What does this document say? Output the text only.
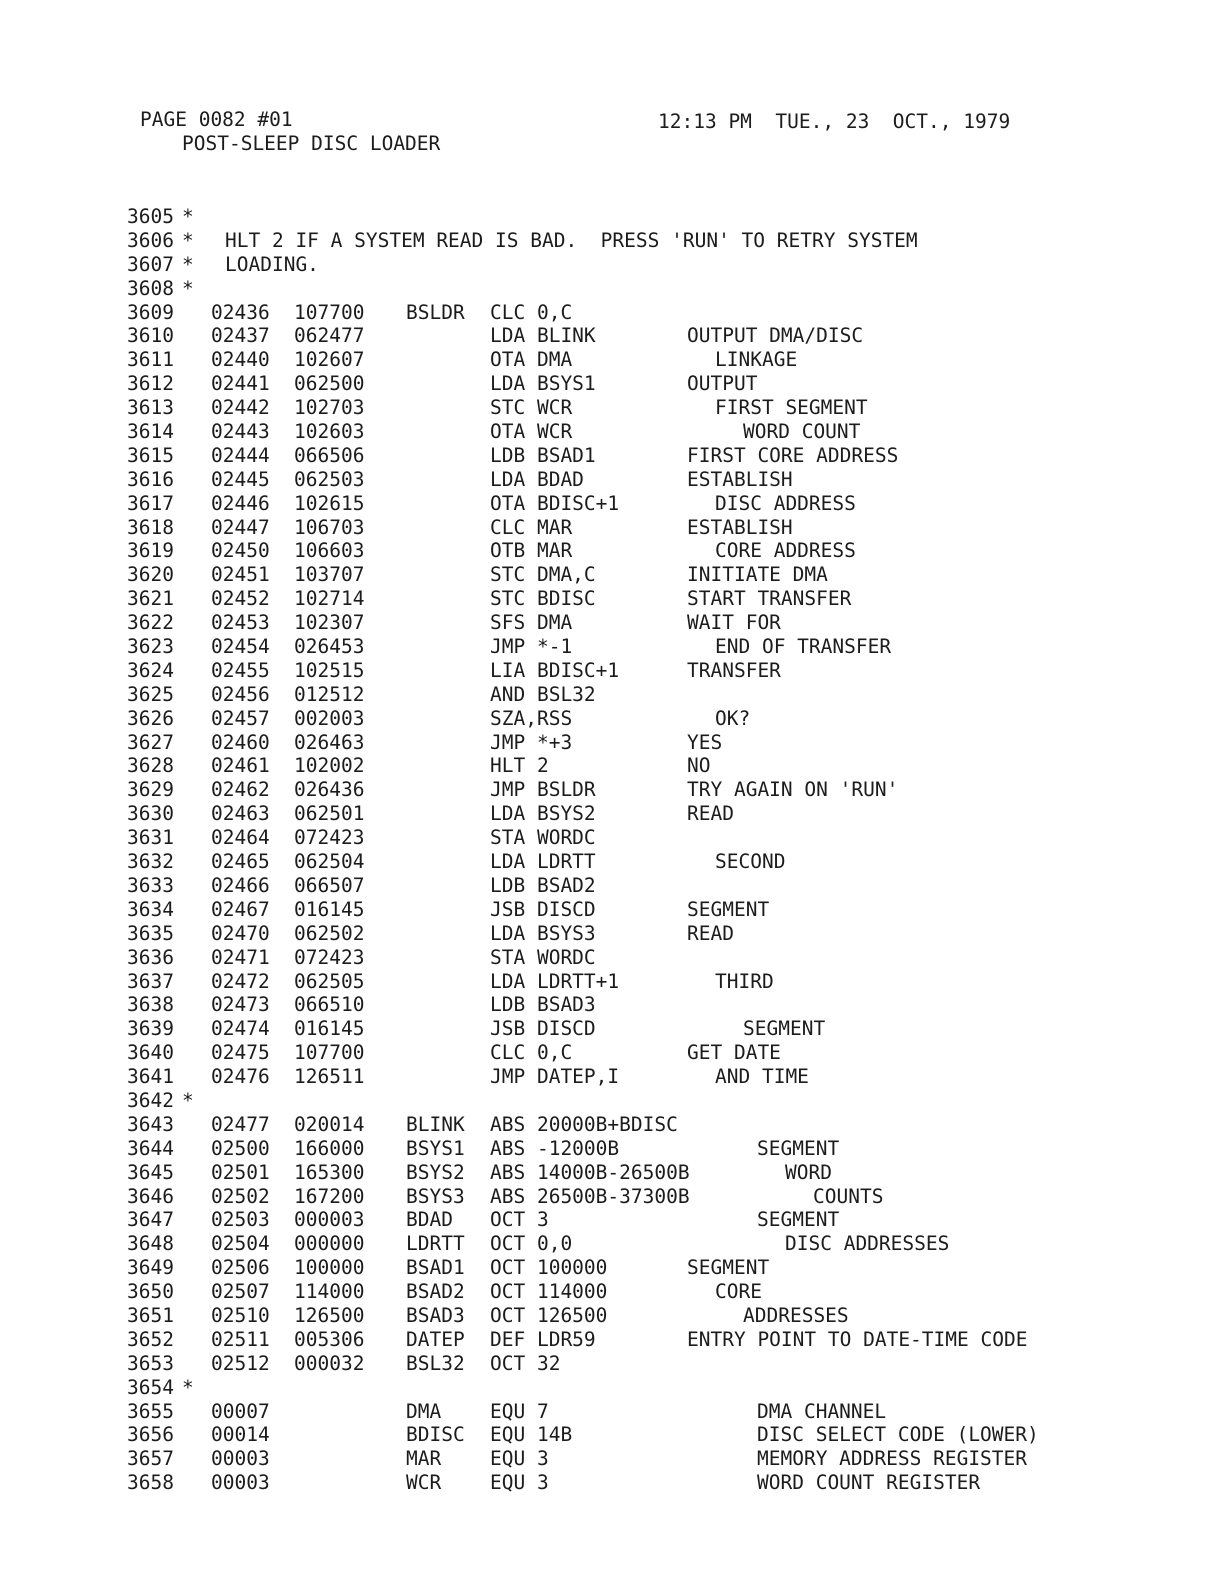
PAGE 0082 #01	12:13 PM  TUE., 23  OCT., 1979
POST-SLEEP DISC LOADER
3605 *
3606 * HLT 2 IF A SYSTEM READ IS BAD.  PRESS 'RUN' TO RETRY SYSTEM
3607 * LOADING.
3608 *
3609 02436 107700 BSLDR CLC 0,C
3610 02437 062477	LDA BLINK	OUTPUT DMA/DISC
3611 02440 102607	OTA DMA	LINKAGE
3612 02441 062500	LDA BSYS1	OUTPUT
3613 02442 102703	STC WCR	FIRST SEGMENT
3614 02443 102603	OTA WCR	WORD COUNT
3615 02444 066506	LDB BSAD1	FIRST CORE ADDRESS
3616 02445 062503	LDA BDAD	ESTABLISH
3617 02446 102615	OTA BDISC+1	DISC ADDRESS
3618 02447 106703	CLC MAR	ESTABLISH
3619 02450 106603	OTB MAR	CORE ADDRESS
3620 02451 103707	STC DMA,C	INITIATE DMA
3621 02452 102714	STC BDISC	START TRANSFER
3622 02453 102307	SFS DMA	WAIT FOR
3623 02454 026453	JMP *-1	END OF TRANSFER
3624 02455 102515	LIA BDISC+1	TRANSFER
3625 02456 012512	AND BSL32
3626 02457 002003	SZA,RSS	OK?
3627 02460 026463	JMP *+3	YES
3628 02461 102002	HLT 2	NO
3629 02462 026436	JMP BSLDR	TRY AGAIN ON 'RUN'
3630 02463 062501	LDA BSYS2	READ
3631 02464 072423	STA WORDC
3632 02465 062504	LDA LDRTT	SECOND
3633 02466 066507	LDB BSAD2
3634 02467 016145	JSB DISCD	SEGMENT
3635 02470 062502	LDA BSYS3	READ
3636 02471 072423	STA WORDC
3637 02472 062505	LDA LDRTT+1	THIRD
3638 02473 066510	LDB BSAD3
3639 02474 016145	JSB DISCD	SEGMENT
3640 02475 107700	CLC 0,C	GET DATE
3641 02476 126511	JMP DATEP,I	AND TIME
3642 *
3643 02477 020014 BLINK ABS 20000B+BDISC
3644 02500 166000 BSYS1 ABS -12000B	SEGMENT
3645 02501 165300 BSYS2 ABS 14000B-26500B	WORD
3646 02502 167200 BSYS3 ABS 26500B-37300B	COUNTS
3647 02503 000003 BDAD OCT 3	SEGMENT
3648 02504 000000 LDRTT OCT 0,0	DISC ADDRESSES
3649 02506 100000 BSAD1 OCT 100000	SEGMENT
3650 02507 114000 BSAD2 OCT 114000	CORE
3651 02510 126500 BSAD3 OCT 126500	ADDRESSES
3652 02511 005306 DATEP DEF LDR59	ENTRY POINT TO DATE-TIME CODE
3653 02512 000032 BSL32 OCT 32
3654 *
3655 00007	DMA	EQU 7	DMA CHANNEL
3656 00014	BDISC EQU 14B	DISC SELECT CODE (LOWER)
3657 00003	MAR	EQU 3	MEMORY ADDRESS REGISTER
3658 00003	WCR	EQU 3	WORD COUNT REGISTER
